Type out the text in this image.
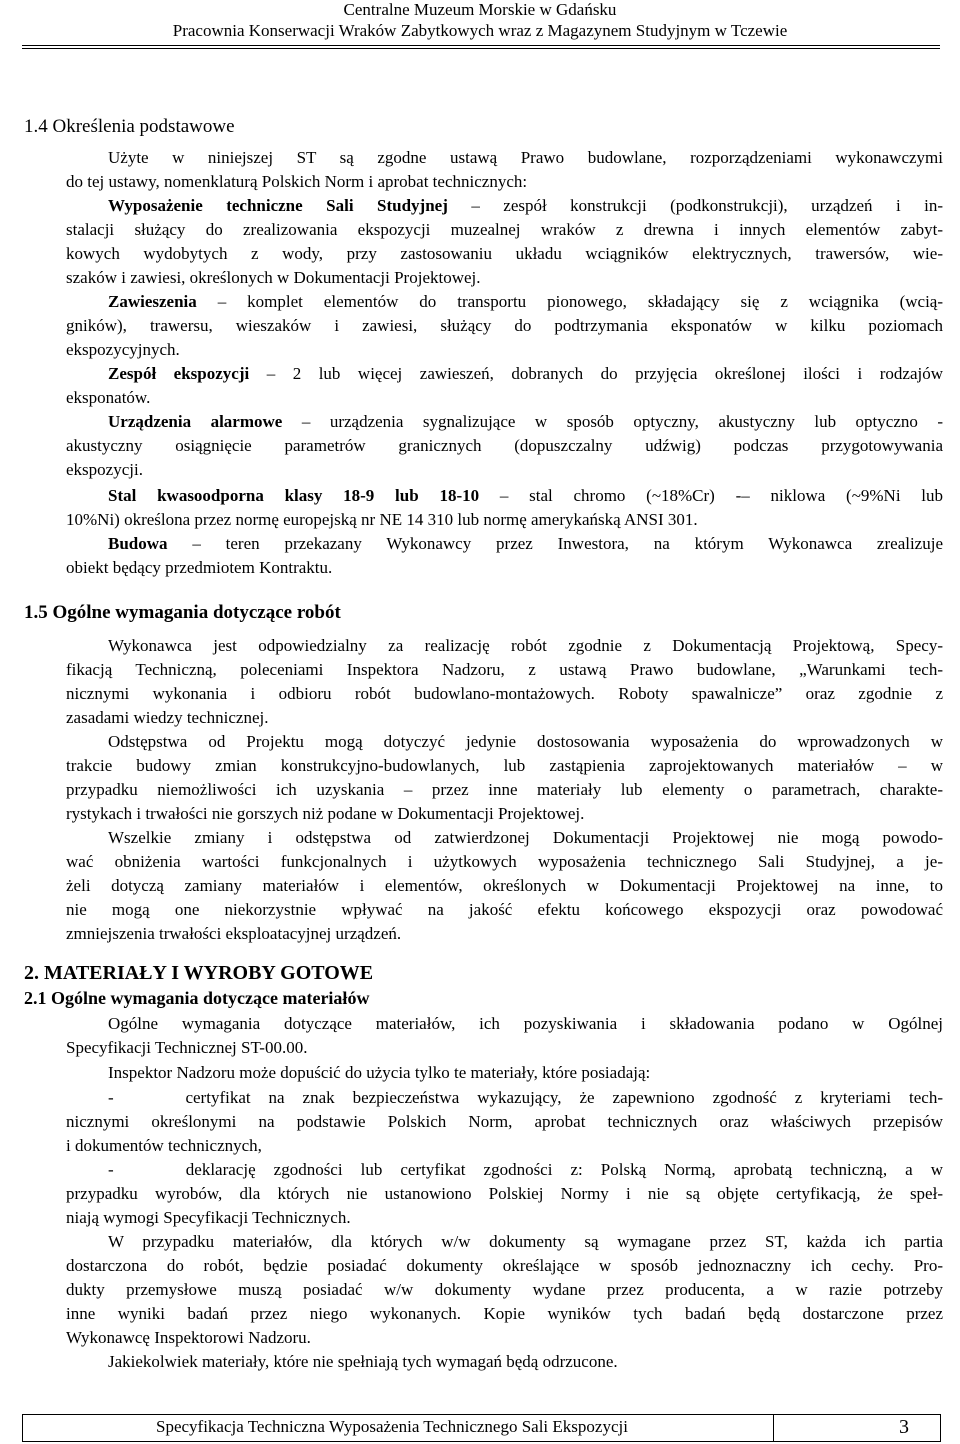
Centralne Muzeum Morskie w Gdańsku
Pracownia Konserwacji Wraków Zabytkowych wraz z Magazynem Studyjnym w Tczewie
1.4 Określenia podstawowe
Użyte w niniejszej ST są zgodne ustawą Prawo budowlane, rozporządzeniami wykonawczymi
do tej ustawy, nomenklaturą Polskich Norm i aprobat technicznych:
Wyposażenie techniczne Sali Studyjnej – zespół konstrukcji (podkonstrukcji), urządzeń i in-
stalacji służący do zrealizowania ekspozycji muzealnej wraków z drewna i innych elementów zabyt-
kowych wydobytych z wody, przy zastosowaniu układu wciągników elektrycznych, trawersów, wie-
szaków i zawiesi, określonych w Dokumentacji Projektowej.
Zawieszenia – komplet elementów do transportu pionowego, składający się z wciągnika (wcią-
gników), trawersu, wieszaków i zawiesi, służący do podtrzymania eksponatów w kilku poziomach
ekspozycyjnych.
Zespół ekspozycji – 2 lub więcej zawieszeń, dobranych do przyjęcia określonej ilości i rodzajów
eksponatów.
Urządzenia alarmowe – urządzenia sygnalizujące w sposób optyczny, akustyczny lub optyczno -
akustyczny osiągnięcie parametrów granicznych (dopuszczalny udźwig) podczas przygotowywania
ekspozycji.
Stal kwasoodporna klasy 18-9 lub 18-10 – stal chromo (~18%Cr) -– niklowa (~9%Ni lub
10%Ni) określona przez normę europejską nr NE 14 310 lub normę amerykańską ANSI 301.
Budowa – teren przekazany Wykonawcy przez Inwestora, na którym Wykonawca zrealizuje
obiekt będący przedmiotem Kontraktu.
1.5 Ogólne wymagania dotyczące robót
Wykonawca jest odpowiedzialny za realizację robót zgodnie z Dokumentacją Projektową, Specy-
fikacją Techniczną, poleceniami Inspektora Nadzoru, z ustawą Prawo budowlane, „Warunkami tech-
nicznymi wykonania i odbioru robót budowlano-montażowych. Roboty spawalnicze” oraz zgodnie z
zasadami wiedzy technicznej.
Odstępstwa od Projektu mogą dotyczyć jedynie dostosowania wyposażenia do wprowadzonych w
trakcie budowy zmian konstrukcyjno-budowlanych, lub zastąpienia zaprojektowanych materiałów – w
przypadku niemożliwości ich uzyskania – przez inne materiały lub elementy o parametrach, charakte-
rystykach i trwałości nie gorszych niż podane w Dokumentacji Projektowej.
Wszelkie zmiany i odstępstwa od zatwierdzonej Dokumentacji Projektowej nie mogą powodo-
wać obniżenia wartości funkcjonalnych i użytkowych wyposażenia technicznego Sali Studyjnej, a je-
żeli dotyczą zamiany materiałów i elementów, określonych w Dokumentacji Projektowej na inne, to
nie mogą one niekorzystnie wpływać na jakość efektu końcowego ekspozycji oraz powodować
zmniejszenia trwałości eksploatacyjnej urządzeń.
2. MATERIAŁY I WYROBY GOTOWE
2.1 Ogólne wymagania dotyczące materiałów
Ogólne wymagania dotyczące materiałów, ich pozyskiwania i składowania podano w Ogólnej
Specyfikacji Technicznej ST-00.00.
Inspektor Nadzoru może dopuścić do użycia tylko te materiały, które posiadają:
-    certyfikat na znak bezpieczeństwa wykazujący, że zapewniono zgodność z kryteriami tech-
nicznymi określonymi na podstawie Polskich Norm, aprobat technicznych oraz właściwych przepisów
i dokumentów technicznych,
-    deklarację zgodności lub certyfikat zgodności z: Polską Normą, aprobatą techniczną, a w
przypadku wyrobów, dla których nie ustanowiono Polskiej Normy i nie są objęte certyfikacją, że speł-
niają wymogi Specyfikacji Technicznych.
W przypadku materiałów, dla których w/w dokumenty są wymagane przez ST, każda ich partia
dostarczona do robót, będzie posiadać dokumenty określające w sposób jednoznaczny ich cechy. Pro-
dukty przemysłowe muszą posiadać w/w dokumenty wydane przez producenta, a w razie potrzeby
inne wyniki badań przez niego wykonanych. Kopie wyników tych badań będą dostarczone przez
Wykonawcę Inspektorowi Nadzoru.
Jakiekolwiek materiały, które nie spełniają tych wymagań będą odrzucone.
Specyfikacja Techniczna Wyposażenia Technicznego Sali Ekspozycji	3
